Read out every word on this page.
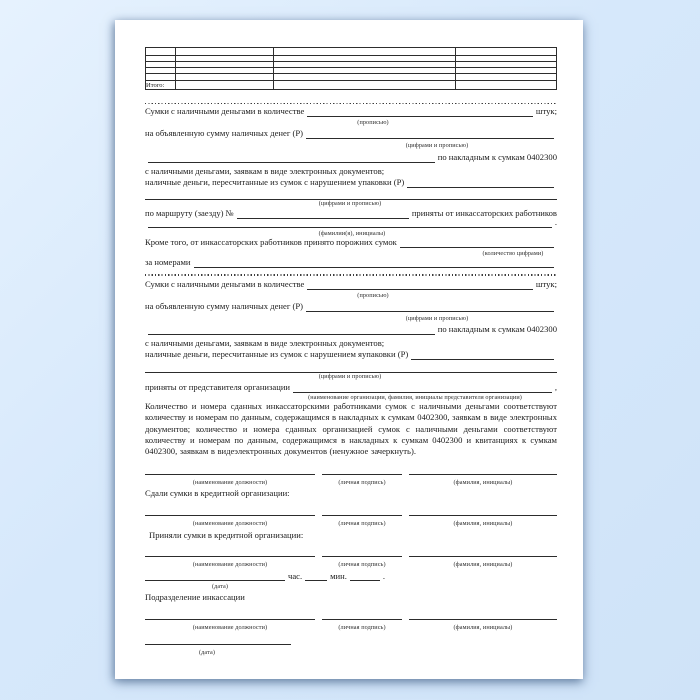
Итого:			
Сумки с наличными деньгами в количестве	штук;
(прописью)
на объявленную сумму наличных денег (Р)
(цифрами и прописью)
по накладным к сумкам 0402300
с наличными деньгами, заявкам в виде электронных документов;
наличные деньги, пересчитанные из сумок с нарушением упаковки (Р)
(цифрами и прописью)
по маршруту (заезду) №	приняты от инкассаторских работников
.
(фамилии(я), инициалы)
Кроме того, от инкассаторских работников принято порожних сумок
(количество цифрами)
за номерами
Сумки с наличными деньгами в количестве	штук;
(прописью)
на объявленную сумму наличных денег (Р)
(цифрами и прописью)
по накладным к сумкам 0402300
с наличными деньгами, заявкам в виде электронных документов;
наличные деньги, пересчитанные из сумок с нарушением яупаковки (Р)
(цифрами и прописью)
приняты от представителя организации	,
(наименование организации, фамилия, инициалы представителя организации)

Количество и номера сданных инкассаторскими работниками сумок с наличными деньгами соответствуют количеству и номерам по данным, содержащимся в накладных к сумкам 0402300, заявкам в виде электронных документов; количество и номера сданных организацией сумок с наличными деньгами соответствуют количеству и номерам по данным, содержащимся в накладных к сумкам 0402300 и квитанциях к сумкам 0402300, заявкам в видеэлектронных документов (ненужное зачеркнуть).

(наименование должности)	(личная подпись)	(фамилия, инициалы)
Сдали сумки в кредитной организации:
(наименование должности)	(личная подпись)	(фамилия, инициалы)
Приняли сумки в кредитной организации:
(наименование должности)	(личная подпись)	(фамилия, инициалы)
час.	мин.	.
(дата)
Подразделение инкассации
(наименование должности)	(личная подпись)	(фамилия, инициалы)
(дата)
